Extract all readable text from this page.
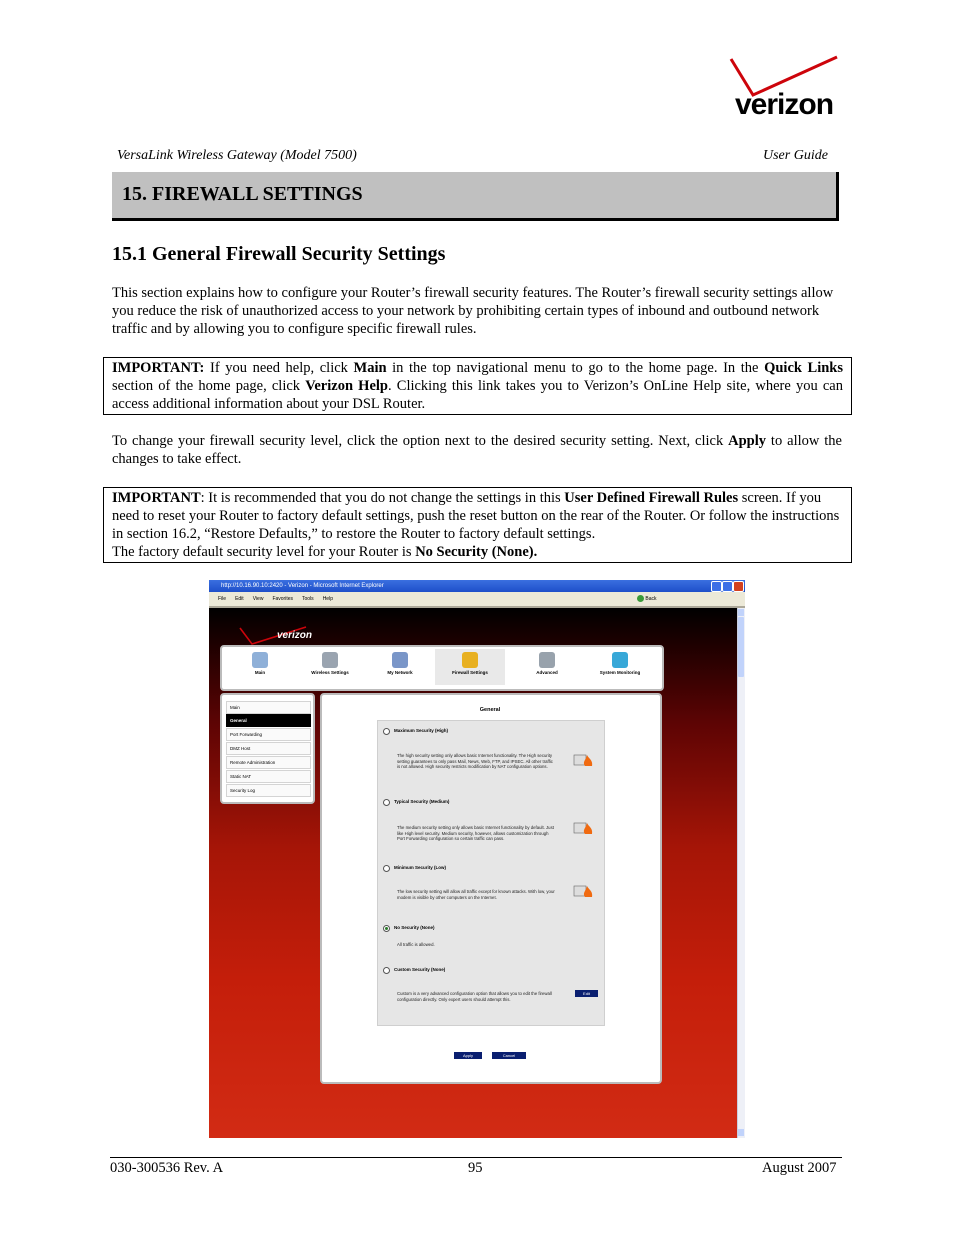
verizon
VersaLink Wireless Gateway (Model 7500)	User Guide
15. FIREWALL SETTINGS
15.1 General Firewall Security Settings
This section explains how to configure your Router’s firewall security features. The Router’s firewall security settings allow you reduce the risk of unauthorized access to your network by prohibiting certain types of inbound and outbound network traffic and by allowing you to configure specific firewall rules.
IMPORTANT: If you need help, click Main in the top navigational menu to go to the home page. In the Quick Links section of the home page, click Verizon Help. Clicking this link takes you to Verizon’s OnLine Help site, where you can access additional information about your DSL Router.
To change your firewall security level, click the option next to the desired security setting. Next, click Apply to allow the changes to take effect.
IMPORTANT: It is recommended that you do not change the settings in this User Defined Firewall Rules screen. If you need to reset your Router to factory default settings, push the reset button on the rear of the Router. Or follow the instructions in section 16.2, “Restore Defaults,” to restore the Router to factory default settings.
The factory default security level for your Router is No Security (None).
http://10.16.90.10:2420 - Verizon - Microsoft Internet Explorer
File Edit View Favorites Tools Help	Back
verizon
Main	Wireless Settings	My Network	Firewall Settings	Advanced	System Monitoring
Main
General
Port Forwarding
DMZ Host
Remote Administration
Static NAT
Security Log
General
Maximum Security (High)
The high security setting only allows basic Internet functionality. The High security setting guarantees to only pass Mail, News, Web, FTP, and IPSEC. All other traffic is not allowed. High security restricts modification by NAT configuration options.
Typical Security (Medium)
The medium security setting only allows basic Internet functionality by default. Just like High level security. Medium security, however, allows customization through Port Forwarding configuration so certain traffic can pass.
Minimum Security (Low)
The low security setting will allow all traffic except for known attacks. With low, your modem is visible by other computers on the Internet.
No Security (None)
All traffic is allowed.
Custom Security (None)
Custom is a very advanced configuration option that allows you to edit the firewall configuration directly. Only expert users should attempt this.
Edit
Apply	Cancel
030-300536 Rev. A	95	August 2007
